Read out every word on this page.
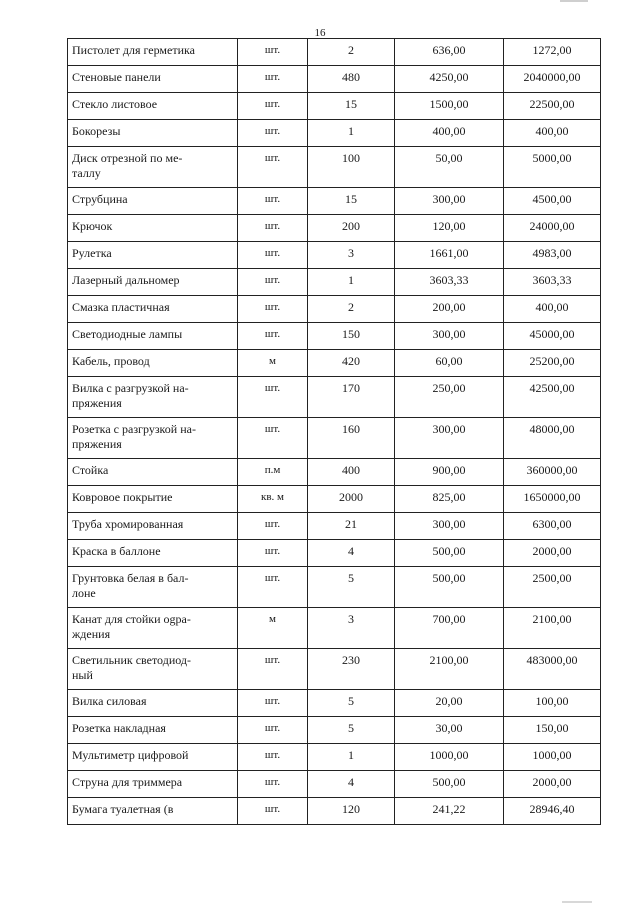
16
Пистолет для герметика	шт.	2	636,00	1272,00
Стеновые панели	шт.	480	4250,00	2040000,00
Стекло листовое	шт.	15	1500,00	22500,00
Бокорезы	шт.	1	400,00	400,00
Диск отрезной по ме-
таллу	шт.	100	50,00	5000,00
Струбцина	шт.	15	300,00	4500,00
Крючок	шт.	200	120,00	24000,00
Рулетка	шт.	3	1661,00	4983,00
Лазерный дальномер	шт.	1	3603,33	3603,33
Смазка пластичная	шт.	2	200,00	400,00
Светодиодные лампы	шт.	150	300,00	45000,00
Кабель, провод	м	420	60,00	25200,00
Вилка с разгрузкой на-
пряжения	шт.	170	250,00	42500,00
Розетка с разгрузкой на-
пряжения	шт.	160	300,00	48000,00
Стойка	п.м	400	900,00	360000,00
Ковровое покрытие	кв. м	2000	825,00	1650000,00
Труба хромированная	шт.	21	300,00	6300,00
Краска в баллоне	шт.	4	500,00	2000,00
Грунтовка белая в бал-
лоне	шт.	5	500,00	2500,00
Канат для стойки ogра-
ждения	м	3	700,00	2100,00
Светильник светодиод-
ный	шт.	230	2100,00	483000,00
Вилка силовая	шт.	5	20,00	100,00
Розетка накладная	шт.	5	30,00	150,00
Мультиметр цифровой	шт.	1	1000,00	1000,00
Струна для триммера	шт.	4	500,00	2000,00
Бумага туалетная (в	шт.	120	241,22	28946,40
